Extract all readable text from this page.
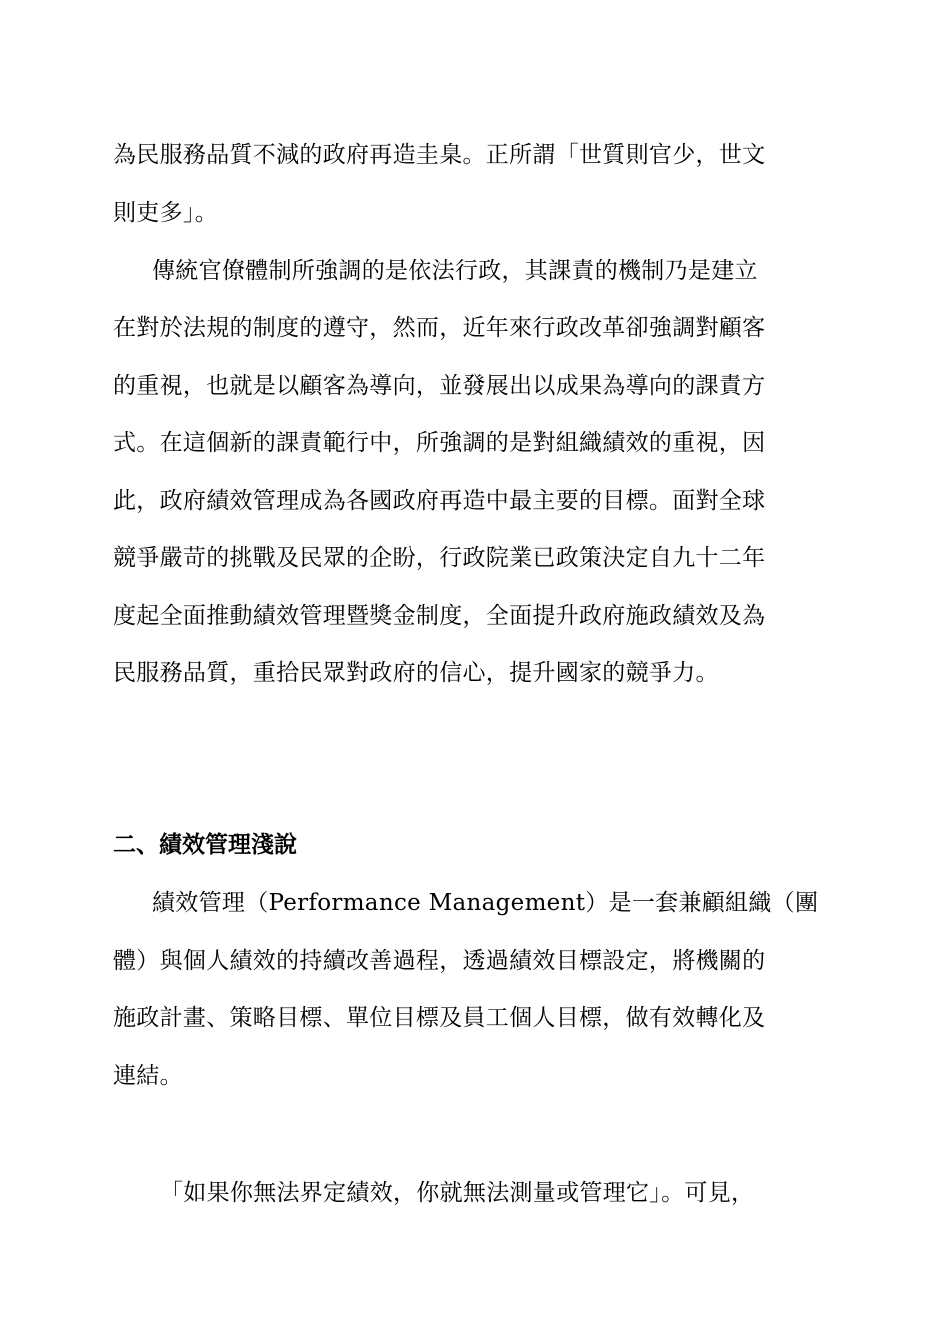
為民服務品質不減的政府再造圭臬。正所謂「世質則官少，世文
則吏多」。
傳統官僚體制所強調的是依法行政，其課責的機制乃是建立
在對於法規的制度的遵守，然而，近年來行政改革卻強調對顧客
的重視，也就是以顧客為導向，並發展出以成果為導向的課責方
式。在這個新的課責範行中，所強調的是對組織績效的重視，因
此，政府績效管理成為各國政府再造中最主要的目標。面對全球
競爭嚴苛的挑戰及民眾的企盼，行政院業已政策決定自九十二年
度起全面推動績效管理暨獎金制度，全面提升政府施政績效及為
民服務品質，重拾民眾對政府的信心，提升國家的競爭力。
二、績效管理淺說
績效管理（Performance Management）是一套兼顧組織（團
體）與個人績效的持續改善過程，透過績效目標設定，將機關的
施政計畫、策略目標、單位目標及員工個人目標，做有效轉化及
連結。
「如果你無法界定績效，你就無法測量或管理它」。可見，
